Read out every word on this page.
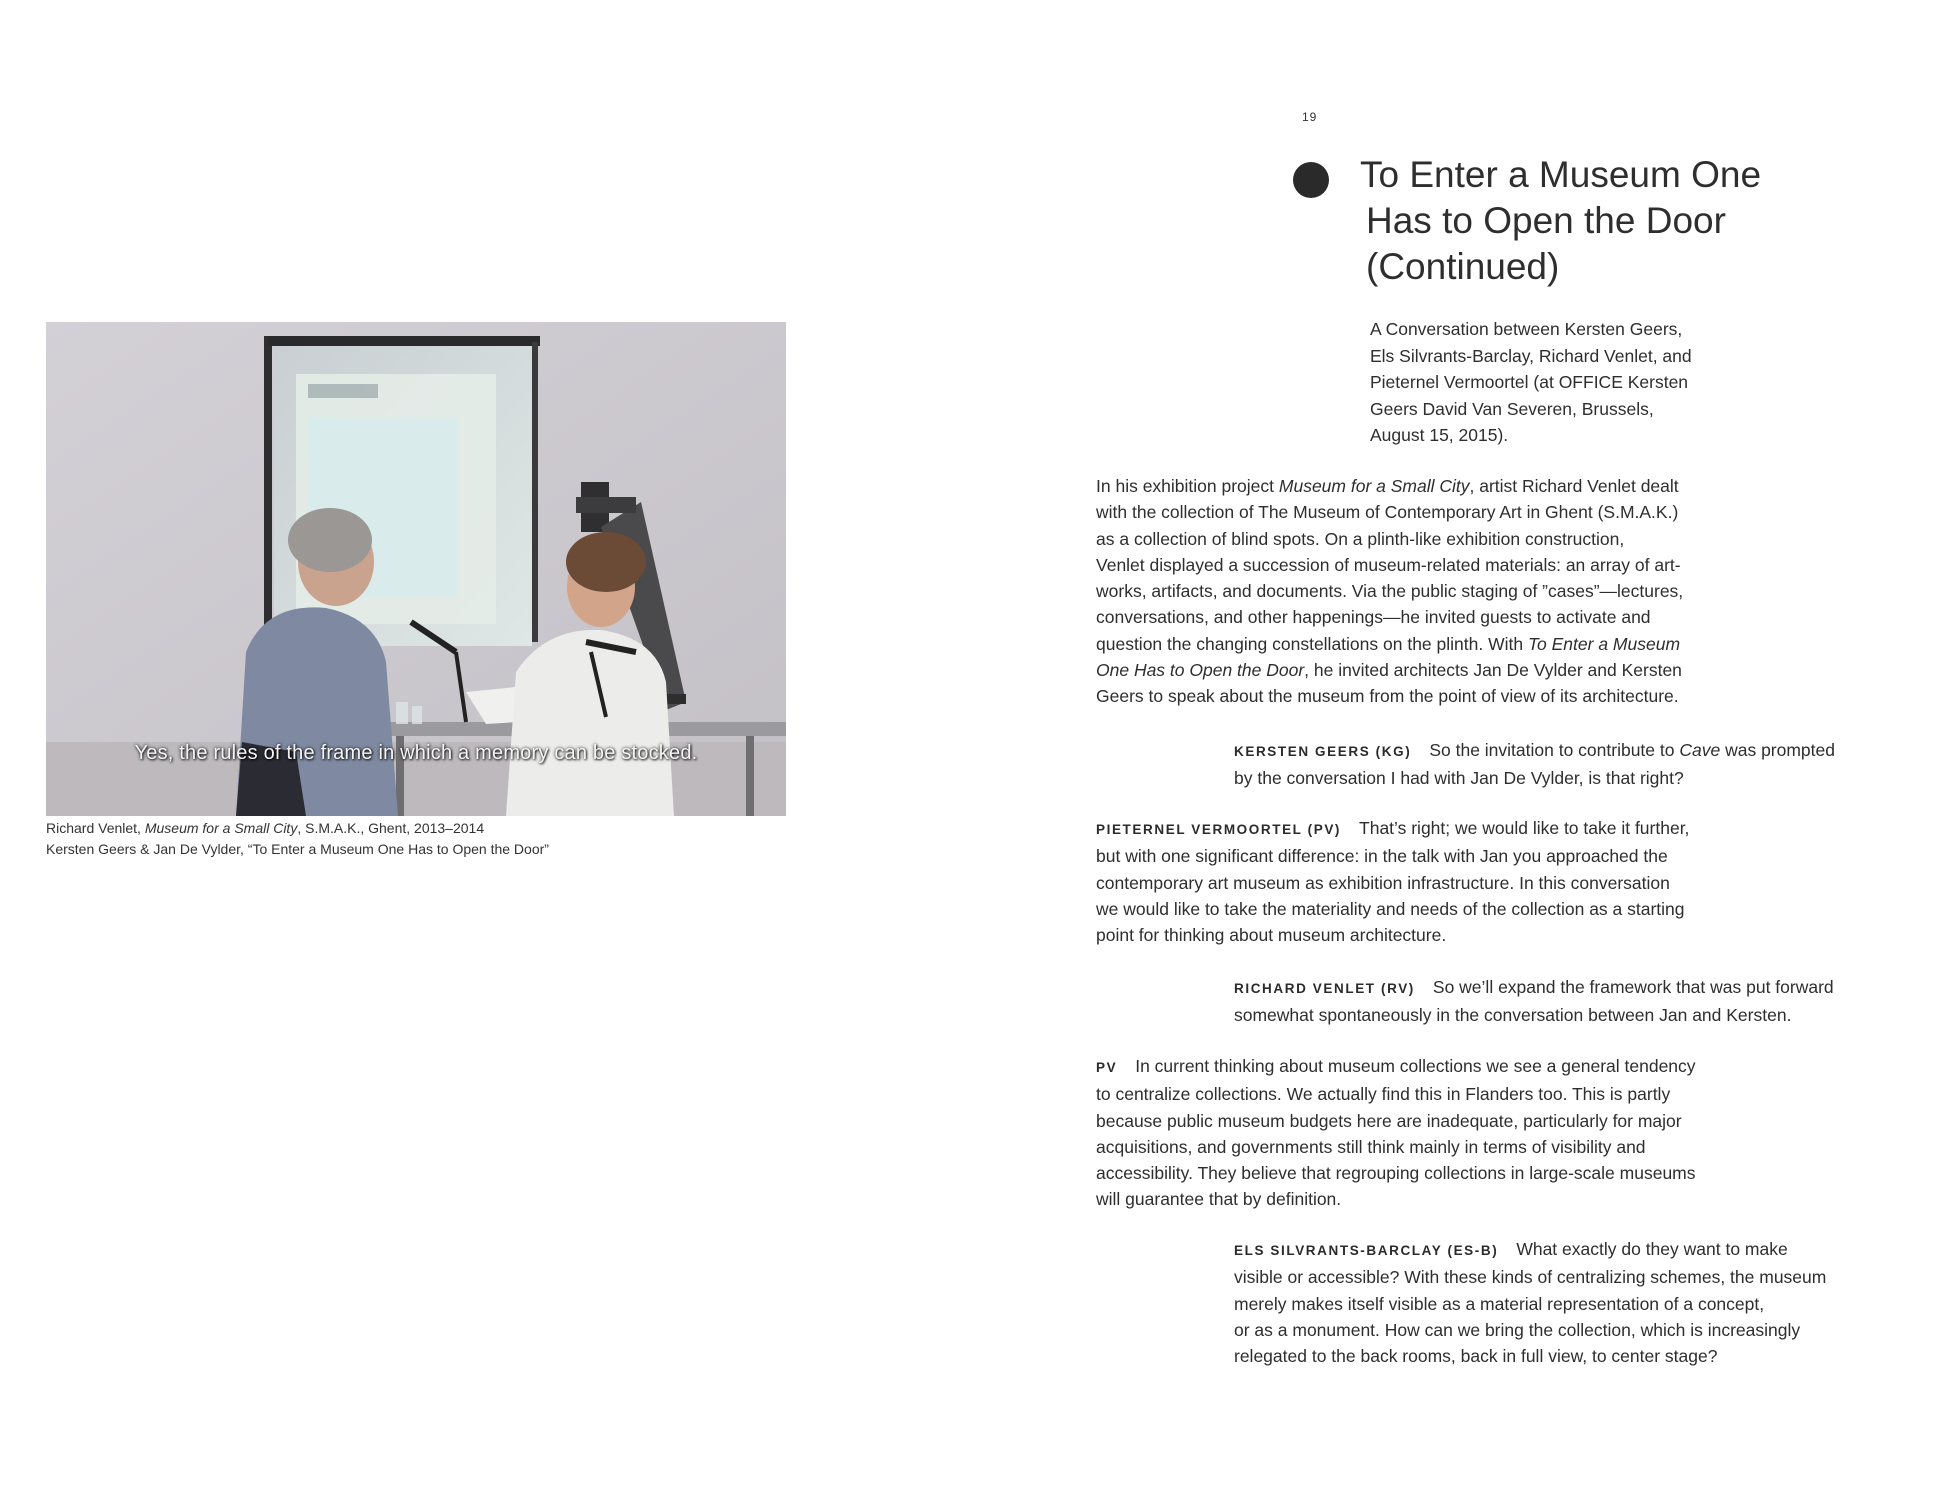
Yes, the rules of the frame in which a memory can be stocked.
Richard Venlet, Museum for a Small City, S.M.A.K., Ghent, 2013–2014
Kersten Geers & Jan De Vylder, “To Enter a Museum One Has to Open the Door”
19
To Enter a Museum One
Has to Open the Door
(Continued)
A Conversation between Kersten Geers,
Els Silvrants-Barclay, Richard Venlet, and
Pieternel Vermoortel (at OFFICE Kersten
Geers David Van Severen, Brussels,
August 15, 2015).
In his exhibition project Museum for a Small City, artist Richard Venlet dealt
with the collection of The Museum of Contemporary Art in Ghent (S.M.A.K.)
as a collection of blind spots. On a plinth-like exhibition construction,
Venlet displayed a succession of museum-related materials: an array of art-
works, artifacts, and documents. Via the public staging of ”cases”—lectures,
conversations, and other happenings—he invited guests to activate and
question the changing constellations on the plinth. With To Enter a Museum
One Has to Open the Door, he invited architects Jan De Vylder and Kersten
Geers to speak about the museum from the point of view of its architecture.
KERSTEN GEERS (KG) So the invitation to contribute to Cave was prompted
by the conversation I had with Jan De Vylder, is that right?
PIETERNEL VERMOORTEL (PV) That’s right; we would like to take it further,
but with one significant difference: in the talk with Jan you approached the
contemporary art museum as exhibition infrastructure. In this conversation
we would like to take the materiality and needs of the collection as a starting
point for thinking about museum architecture.
RICHARD VENLET (RV) So we’ll expand the framework that was put forward
somewhat spontaneously in the conversation between Jan and Kersten.
PV In current thinking about museum collections we see a general tendency
to centralize collections. We actually find this in Flanders too. This is partly
because public museum budgets here are inadequate, particularly for major
acquisitions, and governments still think mainly in terms of visibility and
accessibility. They believe that regrouping collections in large-scale museums
will guarantee that by definition.
ELS SILVRANTS-BARCLAY (ES-B) What exactly do they want to make
visible or accessible? With these kinds of centralizing schemes, the museum
merely makes itself visible as a material representation of a concept,
or as a monument. How can we bring the collection, which is increasingly
relegated to the back rooms, back in full view, to center stage?
